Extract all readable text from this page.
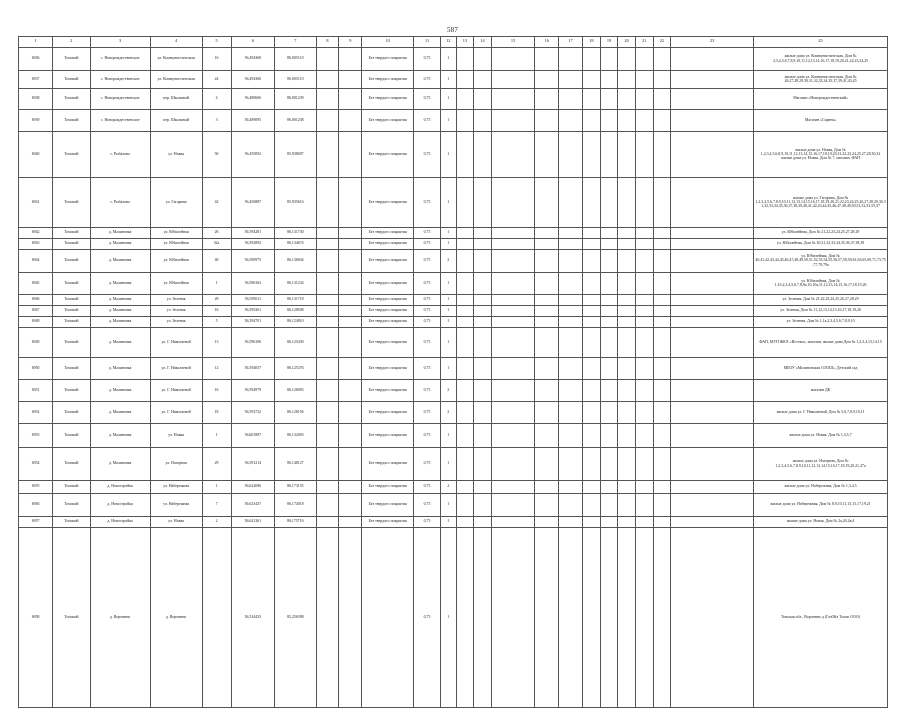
587
1	2	3	4	5	6	7	8	9	10	11	12	13	14	15	16	17	18	19	20	21	22	23		25
6936	Томский	с. Новорождественское	ул. Коммунистическая	16	56,494360	86,005110			Без твердого покрытия	0,75	1													жилые дома ул. Коммунистическая, Дом № 2,3,4,5,6,7,8,9,10,11,12,13,14,16,17,18,19,20,21,22,23,24,25
6937	Томский	с. Новорождественское	ул. Коммунистическая	24	56,494360	86,005110			Без твердого покрытия	0,75	1													жилые дома ул. Коммунистическая, Дом № 26,27,28,29,30,31,32,33,34,35,37,39,41,43,45
6938	Томский	с. Новорождественское	пер. Школьный	4	56,489606	86,001239			Без твердого покрытия	0,75	1													Магазин «Новорождественский»
6939	Томский	с. Новорождественское	пер. Школьный	3	56,489095	86,001238			Без твердого покрытия	0,75	1													Магазин «Сирень»
6940	Томский	с. Рыбалово	ул. Новая	50	56,455092	85,938697			Без твердого покрытия	0,75	1													жилые дома ул. Новая, Дом № 1,2,3,4,5,6,8,9,10,11,12,13,14,15,16,17,18,19,20,21,22,23,24,25,27,28,30,32 жилые дома ул. Новая, Дом № 7, магазин, ФАП
6941	Томский	с. Рыбалово	ул. Гагарина	42	56,456887	85,935616			Без твердого покрытия	0,75	1													жилые дома ул. Гагарина, Дом № 1,2,3,4,5,6,7,8,9,10,11,12,13,14,15,16,17,18,19,20,21,22,23,24,25,26,27,28,29,30,31,32,33,34,35,36,37,38,39,40,41,42,43,44,45,46,47,48,49,50,51,52,53,55,57
6942	Томский	д. Малиновка	ул. Юбилейная	26	56,594281	86,131730			Без твердого покрытия	0,75	1													ул. Юбилейная, Дом № 21,22,23,24,25,27,28,29
6943	Томский	д. Малиновка	ул. Юбилейная	32а	56,592892	86,134674			Без твердого покрытия	0,75	1													ул. Юбилейная, Дом № 30,31,32,33,34,35,36,37,38,39
6944	Томский	д. Малиновка	ул. Юбилейная	40	56,590975	86,136844			Без твердого покрытия	0,75	2													ул. Юбилейная, Дом № 40,41,42,43,44,45,46,47,48,49,50,51,52,53,54,55,56,57,58,59,61,63,65,69,71,73,75,77,79,79а
6945	Томский	д. Малиновка	ул. Юбилейная	1	56,596163	86,131234			Без твердого покрытия	0,75	1													ул. Юбилейная, Дом № 1,1б,2,3,4,5,6,7,8,9а,10,10а,11,12,13,14,15,16,17,18,19,20
6946	Томский	д. Малиновка	ул. Зеленая	28	56,595611	86,131718			Без твердого покрытия	0,75	1													ул. Зеленая, Дом № 21,22,23,24,25,26,27,28,29
6947	Томский	д. Малиновка	ул. Зеленая	16	56,595361	86,128948			Без твердого покрытия	0,75	1													ул. Зеленая, Дом № 11,12,13,14,15,16,17,18,19,20
6948	Томский	д. Малиновка	ул. Зеленая	5	56,594701	86,124910			Без твердого покрытия	0,75	1													ул. Зеленая, Дом № 1,1а,2,3,4,5,6,7,8,9,10
6949	Томский	д. Малиновка	ул. Г. Николаевой	13	56,596106	86,125430			Без твердого покрытия	0,75	1													ФАП, МУП ЖКХ «Истоки», магазин, жилые дома Дом № 1,2,3,4,13,14,15
6950	Томский	д. Малиновка	ул. Г. Николаевой	12	56,594057	86,125376			Без твердого покрытия	0,75	1													МБОУ «Малиновская СООШ», Детский сад
6951	Томский	д. Малиновка	ул. Г. Николаевой	16	56,594979	86,126093			Без твердого покрытия	0,75	2													магазин ДК
6952	Томский	д. Малиновка	ул. Г. Николаевой	18	56,593732	86,128156			Без твердого покрытия	0,75	2													жилые дома ул. Г. Николаевой, Дом № 5,6,7,8,9,10,11
6953	Томский	д. Малиновка	ул. Новая	1	56,601887	86,132003			Без твердого покрытия	0,75	1													жилые дома ул. Новая, Дом № 1,3,5,7
6954	Томский	д. Малиновка	ул. Нагорная	29	56,591214	86,148127			Без твердого покрытия	0,75	1													жилые дома ул. Нагорная, Дом № 1,2,3,4,5,6,7,8,9,10,11,12,13,14,15,16,17,18,19,20,21,27а
6955	Томский	д. Новостройка	ул. Набережная	1	56,622696	86,173155			Без твердого покрытия	0,75	2													жилые дома ул. Набережная, Дом № 1,3,4,5
6956	Томский	д. Новостройка	ул. Набережная	7	56,623437	86,174018			Без твердого покрытия	0,75	1													жилые дома ул. Набережная, Дом № 8,9,10,11,13,15,17,19,21
6957	Томский	д. Новостройка	ул. Новая	2	56,621361	86,175716			Без твердого покрытия	0,75	1													жилые дома ул. Новая, Дом № 2а,2б,2в,4
6958	Томский	д. Воронино	д. Воронино		56,534433	85,256398				0,75	1													Томская обл., Воронино д (ГазОйл Томск ООО)
